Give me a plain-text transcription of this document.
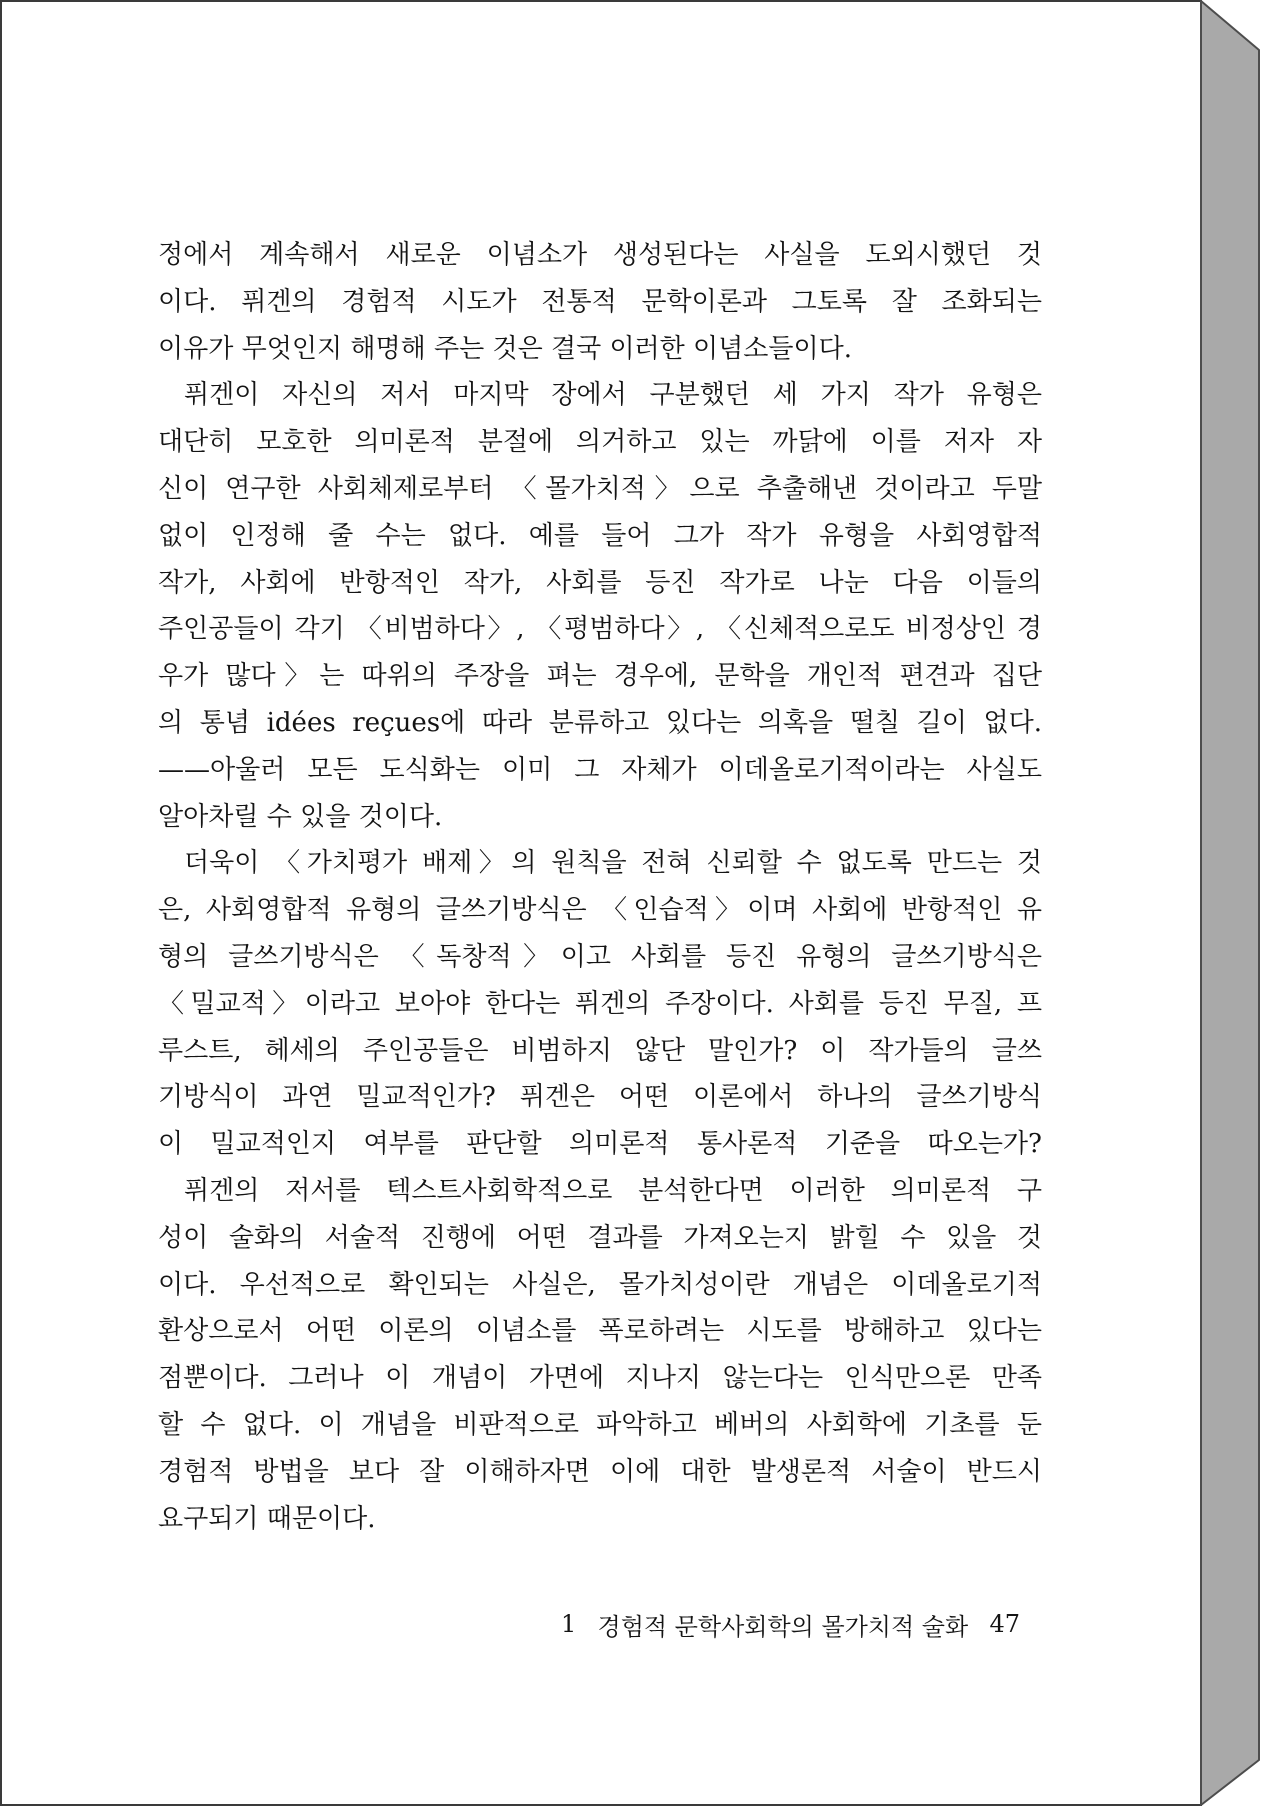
정에서 계속해서 새로운 이념소가 생성된다는 사실을 도외시했던 것
이다. 퓌겐의 경험적 시도가 전통적 문학이론과 그토록 잘 조화되는
이유가 무엇인지 해명해 주는 것은 결국 이러한 이념소들이다.
퓌겐이 자신의 저서 마지막 장에서 구분했던 세 가지 작가 유형은
대단히 모호한 의미론적 분절에 의거하고 있는 까닭에 이를 저자 자
신이 연구한 사회체제로부터 〈몰가치적〉으로 추출해낸 것이라고 두말
없이 인정해 줄 수는 없다. 예를 들어 그가 작가 유형을 사회영합적
작가, 사회에 반항적인 작가, 사회를 등진 작가로 나눈 다음 이들의
주인공들이 각기 〈비범하다〉, 〈평범하다〉, 〈신체적으로도 비정상인 경
우가 많다〉는 따위의 주장을 펴는 경우에, 문학을 개인적 편견과 집단
의 통념 idées reçues에 따라 분류하고 있다는 의혹을 떨칠 길이 없다.
——아울러 모든 도식화는 이미 그 자체가 이데올로기적이라는 사실도
알아차릴 수 있을 것이다.
더욱이 〈가치평가 배제〉의 원칙을 전혀 신뢰할 수 없도록 만드는 것
은, 사회영합적 유형의 글쓰기방식은 〈인습적〉이며 사회에 반항적인 유
형의 글쓰기방식은 〈독창적〉이고 사회를 등진 유형의 글쓰기방식은
〈밀교적〉이라고 보아야 한다는 퓌겐의 주장이다. 사회를 등진 무질, 프
루스트, 헤세의 주인공들은 비범하지 않단 말인가? 이 작가들의 글쓰
기방식이 과연 밀교적인가? 퓌겐은 어떤 이론에서 하나의 글쓰기방식
이 밀교적인지 여부를 판단할 의미론적 통사론적 기준을 따오는가?
퓌겐의 저서를 텍스트사회학적으로 분석한다면 이러한 의미론적 구
성이 술화의 서술적 진행에 어떤 결과를 가져오는지 밝힐 수 있을 것
이다. 우선적으로 확인되는 사실은, 몰가치성이란 개념은 이데올로기적
환상으로서 어떤 이론의 이념소를 폭로하려는 시도를 방해하고 있다는
점뿐이다. 그러나 이 개념이 가면에 지나지 않는다는 인식만으론 만족
할 수 없다. 이 개념을 비판적으로 파악하고 베버의 사회학에 기초를 둔
경험적 방법을 보다 잘 이해하자면 이에 대한 발생론적 서술이 반드시
요구되기 때문이다.
1 경험적 문학사회학의 몰가치적 술화 47
